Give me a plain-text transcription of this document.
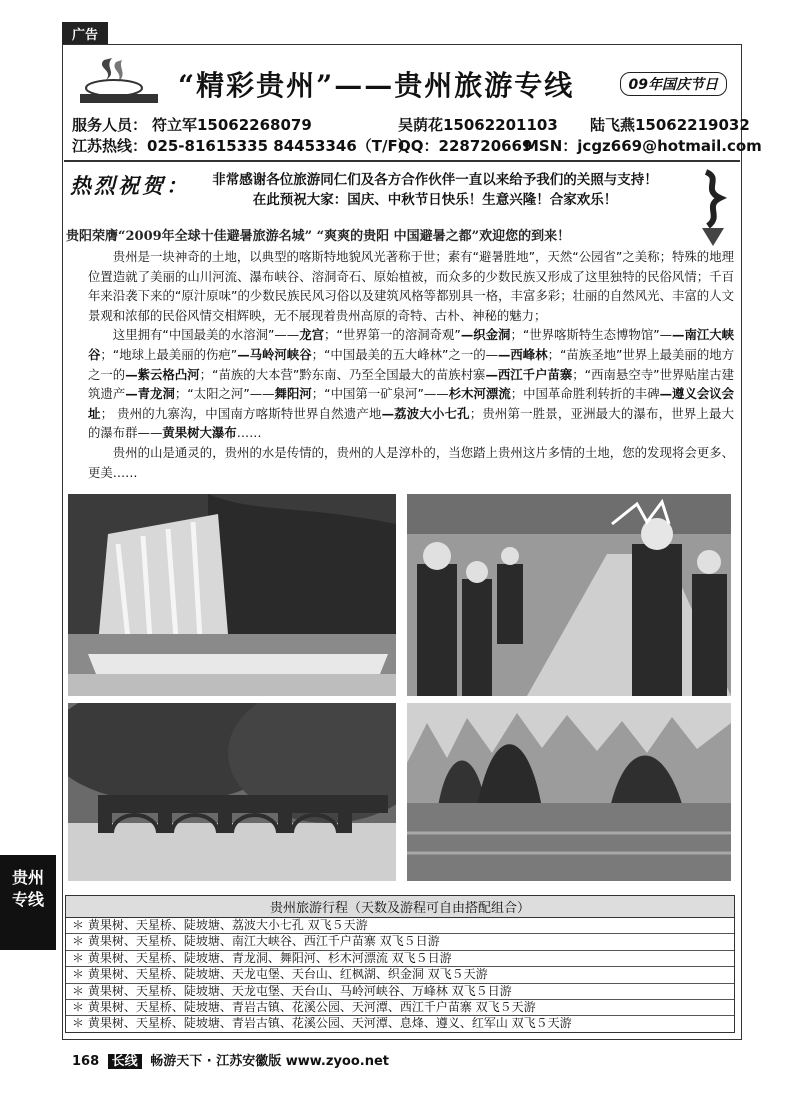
广告
“精彩贵州”——贵州旅游专线	09年国庆节日
服务人员： 符立军15062268079	吴荫花15062201103 陆飞燕15062219032
江苏热线：025-81615335 84453346（T/F）
QQ：228720669
MSN：jcgz669@hotmail.com
热烈祝贺：	非常感谢各位旅游同仁们及各方合作伙伴一直以来给予我们的关照与支持！
在此预祝大家：国庆、中秋节日快乐！生意兴隆！合家欢乐！
贵阳荣膺“2009年全球十佳避暑旅游名城” “爽爽的贵阳 中国避暑之都”欢迎您的到来！

贵州是一块神奇的土地，以典型的喀斯特地貌风光著称于世；素有“避暑胜地”，天然“公园省”之美称；特殊的地理位置造就了美丽的山川河流、瀑布峡谷、溶洞奇石、原始植被，而众多的少数民族又形成了这里独特的民俗风情；千百年来沿袭下来的“原汁原味”的少数民族民风习俗以及建筑风格等都别具一格，丰富多彩；壮丽的自然风光、丰富的人文景观和浓郁的民俗风情交相辉映，无不展现着贵州高原的奇特、古朴、神秘的魅力；

这里拥有“中国最美的水溶洞”——龙宫；“世界第一的溶洞奇观”—织金洞；“世界喀斯特生态博物馆”——南江大峡谷；“地球上最美丽的伤疤”—马岭河峡谷；“中国最美的五大峰林”之一的——西峰林；“苗族圣地”世界上最美丽的地方之一的—紫云格凸河；“苗族的大本营”黔东南、乃至全国最大的苗族村寨—西江千户苗寨；“西南悬空寺”世界贴崖古建筑遗产—青龙洞；“太阳之河”——舞阳河；“中国第一矿泉河”——杉木河漂流；中国革命胜利转折的丰碑—遵义会议会址； 贵州的九寨沟，中国南方喀斯特世界自然遗产地—荔波大小七孔；贵州第一胜景，亚洲最大的瀑布，世界上最大的瀑布群——黄果树大瀑布……

贵州的山是通灵的，贵州的水是传情的，贵州的人是淳朴的，当您踏上贵州这片多情的土地，您的发现将会更多、更美……

贵州
专线	贵州旅游行程（天数及游程可自由搭配组合）
＊ 黄果树、天星桥、陡坡塘、荔波大小七孔 双飞５天游
＊ 黄果树、天星桥、陡坡塘、南江大峡谷、西江千户苗寨 双飞５日游
＊ 黄果树、天星桥、陡坡塘、青龙洞、舞阳河、杉木河漂流 双飞５日游
＊ 黄果树、天星桥、陡坡塘、天龙屯堡、天台山、红枫湖、织金洞 双飞５天游
＊ 黄果树、天星桥、陡坡塘、天龙屯堡、天台山、马岭河峡谷、万峰林 双飞５日游
＊ 黄果树、天星桥、陡坡塘、青岩古镇、花溪公园、天河潭、西江千户苗寨 双飞５天游
＊ 黄果树、天星桥、陡坡塘、青岩古镇、花溪公园、天河潭、息烽、遵义、红军山 双飞５天游
168 长线 畅游天下 · 江苏安徽版 www.zyoo.net
